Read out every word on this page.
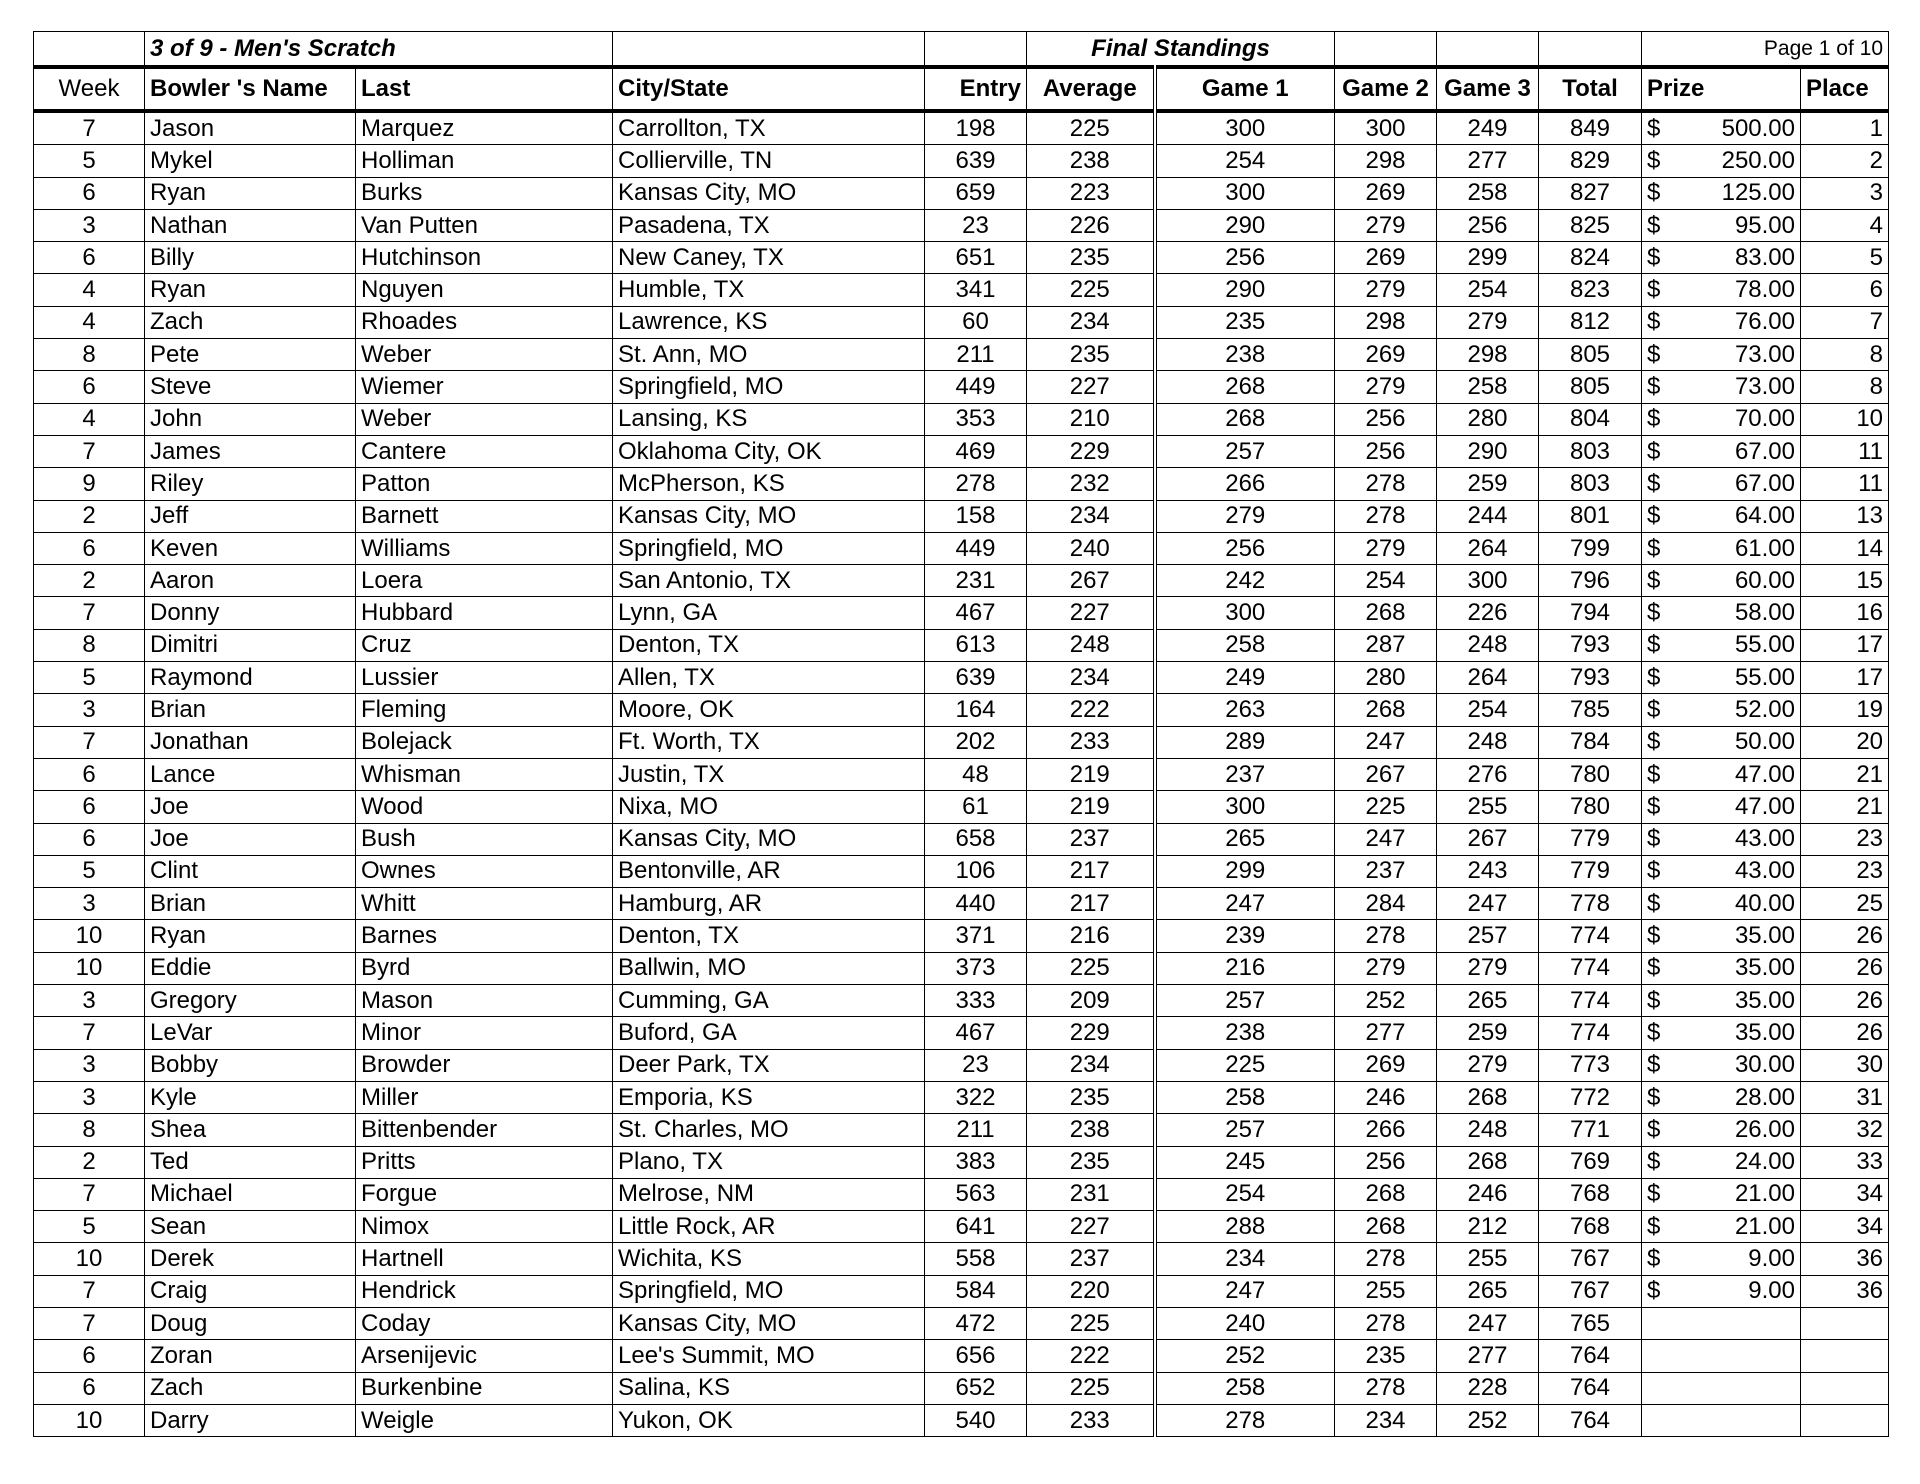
	3 of 9 - Men's Scratch				Final Standings					Page 1 of 10	
Week	Bowler 's Name	Last	City/State	Entry	Average	Game 1	Game 2	Game 3	Total	Prize	Place
7	Jason	Marquez	Carrollton, TX	198	225	300	300	249	849	$ 500.00	1
5	Mykel	Holliman	Collierville, TN	639	238	254	298	277	829	$ 250.00	2
6	Ryan	Burks	Kansas City, MO	659	223	300	269	258	827	$ 125.00	3
3	Nathan	Van Putten	Pasadena, TX	23	226	290	279	256	825	$ 95.00	4
6	Billy	Hutchinson	New Caney, TX	651	235	256	269	299	824	$ 83.00	5
4	Ryan	Nguyen	Humble, TX	341	225	290	279	254	823	$ 78.00	6
4	Zach	Rhoades	Lawrence, KS	60	234	235	298	279	812	$ 76.00	7
8	Pete	Weber	St. Ann, MO	211	235	238	269	298	805	$ 73.00	8
6	Steve	Wiemer	Springfield, MO	449	227	268	279	258	805	$ 73.00	8
4	John	Weber	Lansing, KS	353	210	268	256	280	804	$ 70.00	10
7	James	Cantere	Oklahoma City, OK	469	229	257	256	290	803	$ 67.00	11
9	Riley	Patton	McPherson, KS	278	232	266	278	259	803	$ 67.00	11
2	Jeff	Barnett	Kansas City, MO	158	234	279	278	244	801	$ 64.00	13
6	Keven	Williams	Springfield, MO	449	240	256	279	264	799	$ 61.00	14
2	Aaron	Loera	San Antonio, TX	231	267	242	254	300	796	$ 60.00	15
7	Donny	Hubbard	Lynn, GA	467	227	300	268	226	794	$ 58.00	16
8	Dimitri	Cruz	Denton, TX	613	248	258	287	248	793	$ 55.00	17
5	Raymond	Lussier	Allen, TX	639	234	249	280	264	793	$ 55.00	17
3	Brian	Fleming	Moore, OK	164	222	263	268	254	785	$ 52.00	19
7	Jonathan	Bolejack	Ft. Worth, TX	202	233	289	247	248	784	$ 50.00	20
6	Lance	Whisman	Justin, TX	48	219	237	267	276	780	$ 47.00	21
6	Joe	Wood	Nixa, MO	61	219	300	225	255	780	$ 47.00	21
6	Joe	Bush	Kansas City, MO	658	237	265	247	267	779	$ 43.00	23
5	Clint	Ownes	Bentonville, AR	106	217	299	237	243	779	$ 43.00	23
3	Brian	Whitt	Hamburg, AR	440	217	247	284	247	778	$ 40.00	25
10	Ryan	Barnes	Denton, TX	371	216	239	278	257	774	$ 35.00	26
10	Eddie	Byrd	Ballwin, MO	373	225	216	279	279	774	$ 35.00	26
3	Gregory	Mason	Cumming, GA	333	209	257	252	265	774	$ 35.00	26
7	LeVar	Minor	Buford, GA	467	229	238	277	259	774	$ 35.00	26
3	Bobby	Browder	Deer Park, TX	23	234	225	269	279	773	$ 30.00	30
3	Kyle	Miller	Emporia, KS	322	235	258	246	268	772	$ 28.00	31
8	Shea	Bittenbender	St. Charles, MO	211	238	257	266	248	771	$ 26.00	32
2	Ted	Pritts	Plano, TX	383	235	245	256	268	769	$ 24.00	33
7	Michael	Forgue	Melrose, NM	563	231	254	268	246	768	$ 21.00	34
5	Sean	Nimox	Little Rock, AR	641	227	288	268	212	768	$ 21.00	34
10	Derek	Hartnell	Wichita, KS	558	237	234	278	255	767	$ 9.00	36
7	Craig	Hendrick	Springfield, MO	584	220	247	255	265	767	$ 9.00	36
7	Doug	Coday	Kansas City, MO	472	225	240	278	247	765		
6	Zoran	Arsenijevic	Lee's Summit, MO	656	222	252	235	277	764		
6	Zach	Burkenbine	Salina, KS	652	225	258	278	228	764		
10	Darry	Weigle	Yukon, OK	540	233	278	234	252	764		
